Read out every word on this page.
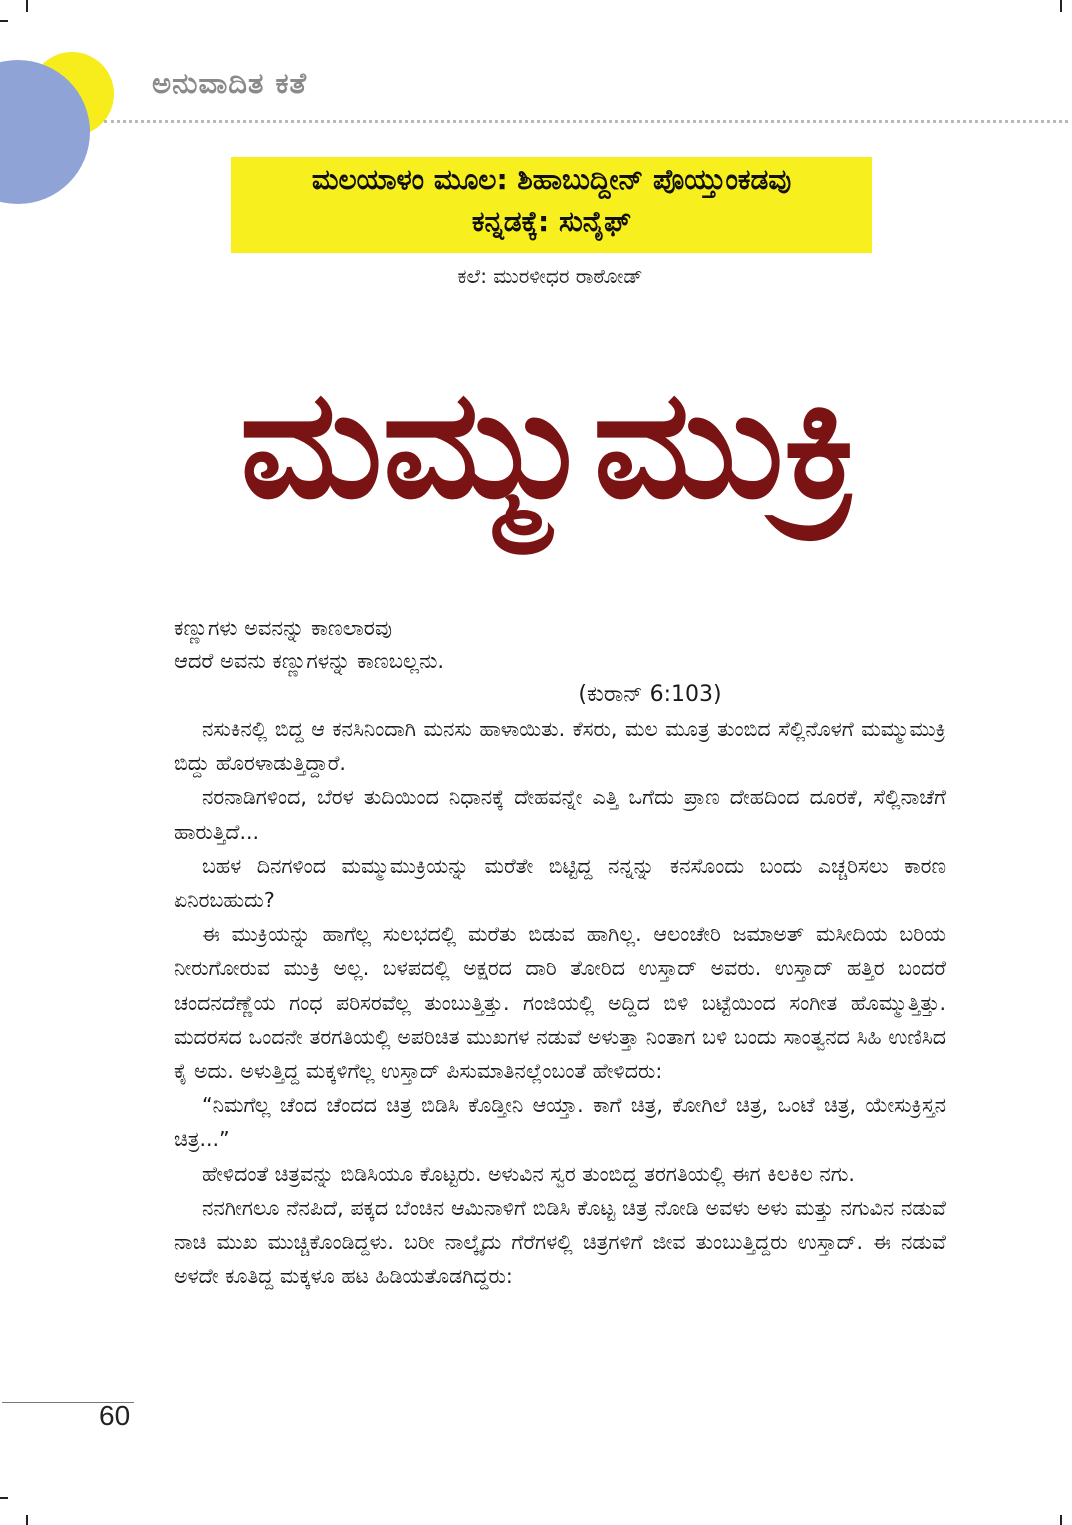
ಅನುವಾದಿತ ಕತೆ
ಮಲಯಾಳಂ ಮೂಲ: ಶಿಹಾಬುದ್ದೀನ್ ಪೊಯ್ತುಂಕಡವು
ಕನ್ನಡಕ್ಕೆ: ಸುನೈಫ್
ಕಲೆ: ಮುರಳೀಧರ ರಾಠೋಡ್
ಮಮ್ಮುಮುಕ್ರಿ
ಕಣ್ಣುಗಳು ಅವನನ್ನು ಕಾಣಲಾರವು
ಆದರೆ ಅವನು ಕಣ್ಣುಗಳನ್ನು ಕಾಣಬಲ್ಲನು.
(ಕುರಾನ್ 6:103)

ನಸುಕಿನಲ್ಲಿ ಬಿದ್ದ ಆ ಕನಸಿನಿಂದಾಗಿ ಮನಸು ಹಾಳಾಯಿತು. ಕೆಸರು, ಮಲ ಮೂತ್ರ ತುಂಬಿದ ಸೆಲ್ಲಿನೊಳಗೆ ಮಮ್ಮುಮುಕ್ರಿ ಬಿದ್ದು ಹೊರಳಾಡುತ್ತಿದ್ದಾರೆ.

ನರನಾಡಿಗಳಿಂದ, ಬೆರಳ ತುದಿಯಿಂದ ನಿಧಾನಕ್ಕೆ ದೇಹವನ್ನೇ ಎತ್ತಿ ಒಗೆದು ಪ್ರಾಣ ದೇಹದಿಂದ ದೂರಕೆ, ಸೆಲ್ಲಿನಾಚೆಗೆ ಹಾರುತ್ತಿದೆ...

ಬಹಳ ದಿನಗಳಿಂದ ಮಮ್ಮುಮುಕ್ರಿಯನ್ನು ಮರೆತೇ ಬಿಟ್ಟಿದ್ದ ನನ್ನನ್ನು ಕನಸೊಂದು ಬಂದು ಎಚ್ಚರಿಸಲು ಕಾರಣ ಏನಿರಬಹುದು?

ಈ ಮುಕ್ರಿಯನ್ನು ಹಾಗೆಲ್ಲ ಸುಲಭದಲ್ಲಿ ಮರೆತು ಬಿಡುವ ಹಾಗಿಲ್ಲ. ಆಲಂಚೇರಿ ಜಮಾಅತ್ ಮಸೀದಿಯ ಬರಿಯ ನೀರುಗೋರುವ ಮುಕ್ರಿ ಅಲ್ಲ. ಬಳಪದಲ್ಲಿ ಅಕ್ಷರದ ದಾರಿ ತೋರಿದ ಉಸ್ತಾದ್ ಅವರು. ಉಸ್ತಾದ್ ಹತ್ತಿರ ಬಂದರೆ ಚಂದನದೆಣ್ಣೆಯ ಗಂಧ ಪರಿಸರವೆಲ್ಲ ತುಂಬುತ್ತಿತ್ತು. ಗಂಜಿಯಲ್ಲಿ ಅದ್ದಿದ ಬಿಳಿ ಬಟ್ಟೆಯಿಂದ ಸಂಗೀತ ಹೊಮ್ಮುತ್ತಿತ್ತು. ಮದರಸದ ಒಂದನೇ ತರಗತಿಯಲ್ಲಿ ಅಪರಿಚಿತ ಮುಖಗಳ ನಡುವೆ ಅಳುತ್ತಾ ನಿಂತಾಗ ಬಳಿ ಬಂದು ಸಾಂತ್ವನದ ಸಿಹಿ ಉಣಿಸಿದ ಕೈ ಅದು. ಅಳುತ್ತಿದ್ದ ಮಕ್ಕಳಿಗೆಲ್ಲ ಉಸ್ತಾದ್ ಪಿಸುಮಾತಿನಲ್ಲೆಂಬಂತೆ ಹೇಳಿದರು:

“ನಿಮಗೆಲ್ಲ ಚೆಂದ ಚೆಂದದ ಚಿತ್ರ ಬಿಡಿಸಿ ಕೊಡ್ತೀನಿ ಆಯ್ತಾ. ಕಾಗೆ ಚಿತ್ರ, ಕೋಗಿಲೆ ಚಿತ್ರ, ಒಂಟೆ ಚಿತ್ರ, ಯೇಸುಕ್ರಿಸ್ತನ ಚಿತ್ರ...”

ಹೇಳಿದಂತೆ ಚಿತ್ರವನ್ನು ಬಿಡಿಸಿಯೂ ಕೊಟ್ಟರು. ಅಳುವಿನ ಸ್ವರ ತುಂಬಿದ್ದ ತರಗತಿಯಲ್ಲಿ ಈಗ ಕಿಲಕಿಲ ನಗು.

ನನಗೀಗಲೂ ನೆನಪಿದೆ, ಪಕ್ಕದ ಬೆಂಚಿನ ಆಮಿನಾಳಿಗೆ ಬಿಡಿಸಿ ಕೊಟ್ಟ ಚಿತ್ರ ನೋಡಿ ಅವಳು ಅಳು ಮತ್ತು ನಗುವಿನ ನಡುವೆ ನಾಚಿ ಮುಖ ಮುಚ್ಚಿಕೊಂಡಿದ್ದಳು. ಬರೀ ನಾಲ್ಕೈದು ಗೆರೆಗಳಲ್ಲಿ ಚಿತ್ರಗಳಿಗೆ ಜೀವ ತುಂಬುತ್ತಿದ್ದರು ಉಸ್ತಾದ್. ಈ ನಡುವೆ ಅಳದೇ ಕೂತಿದ್ದ ಮಕ್ಕಳೂ ಹಟ ಹಿಡಿಯತೊಡಗಿದ್ದರು:

60
